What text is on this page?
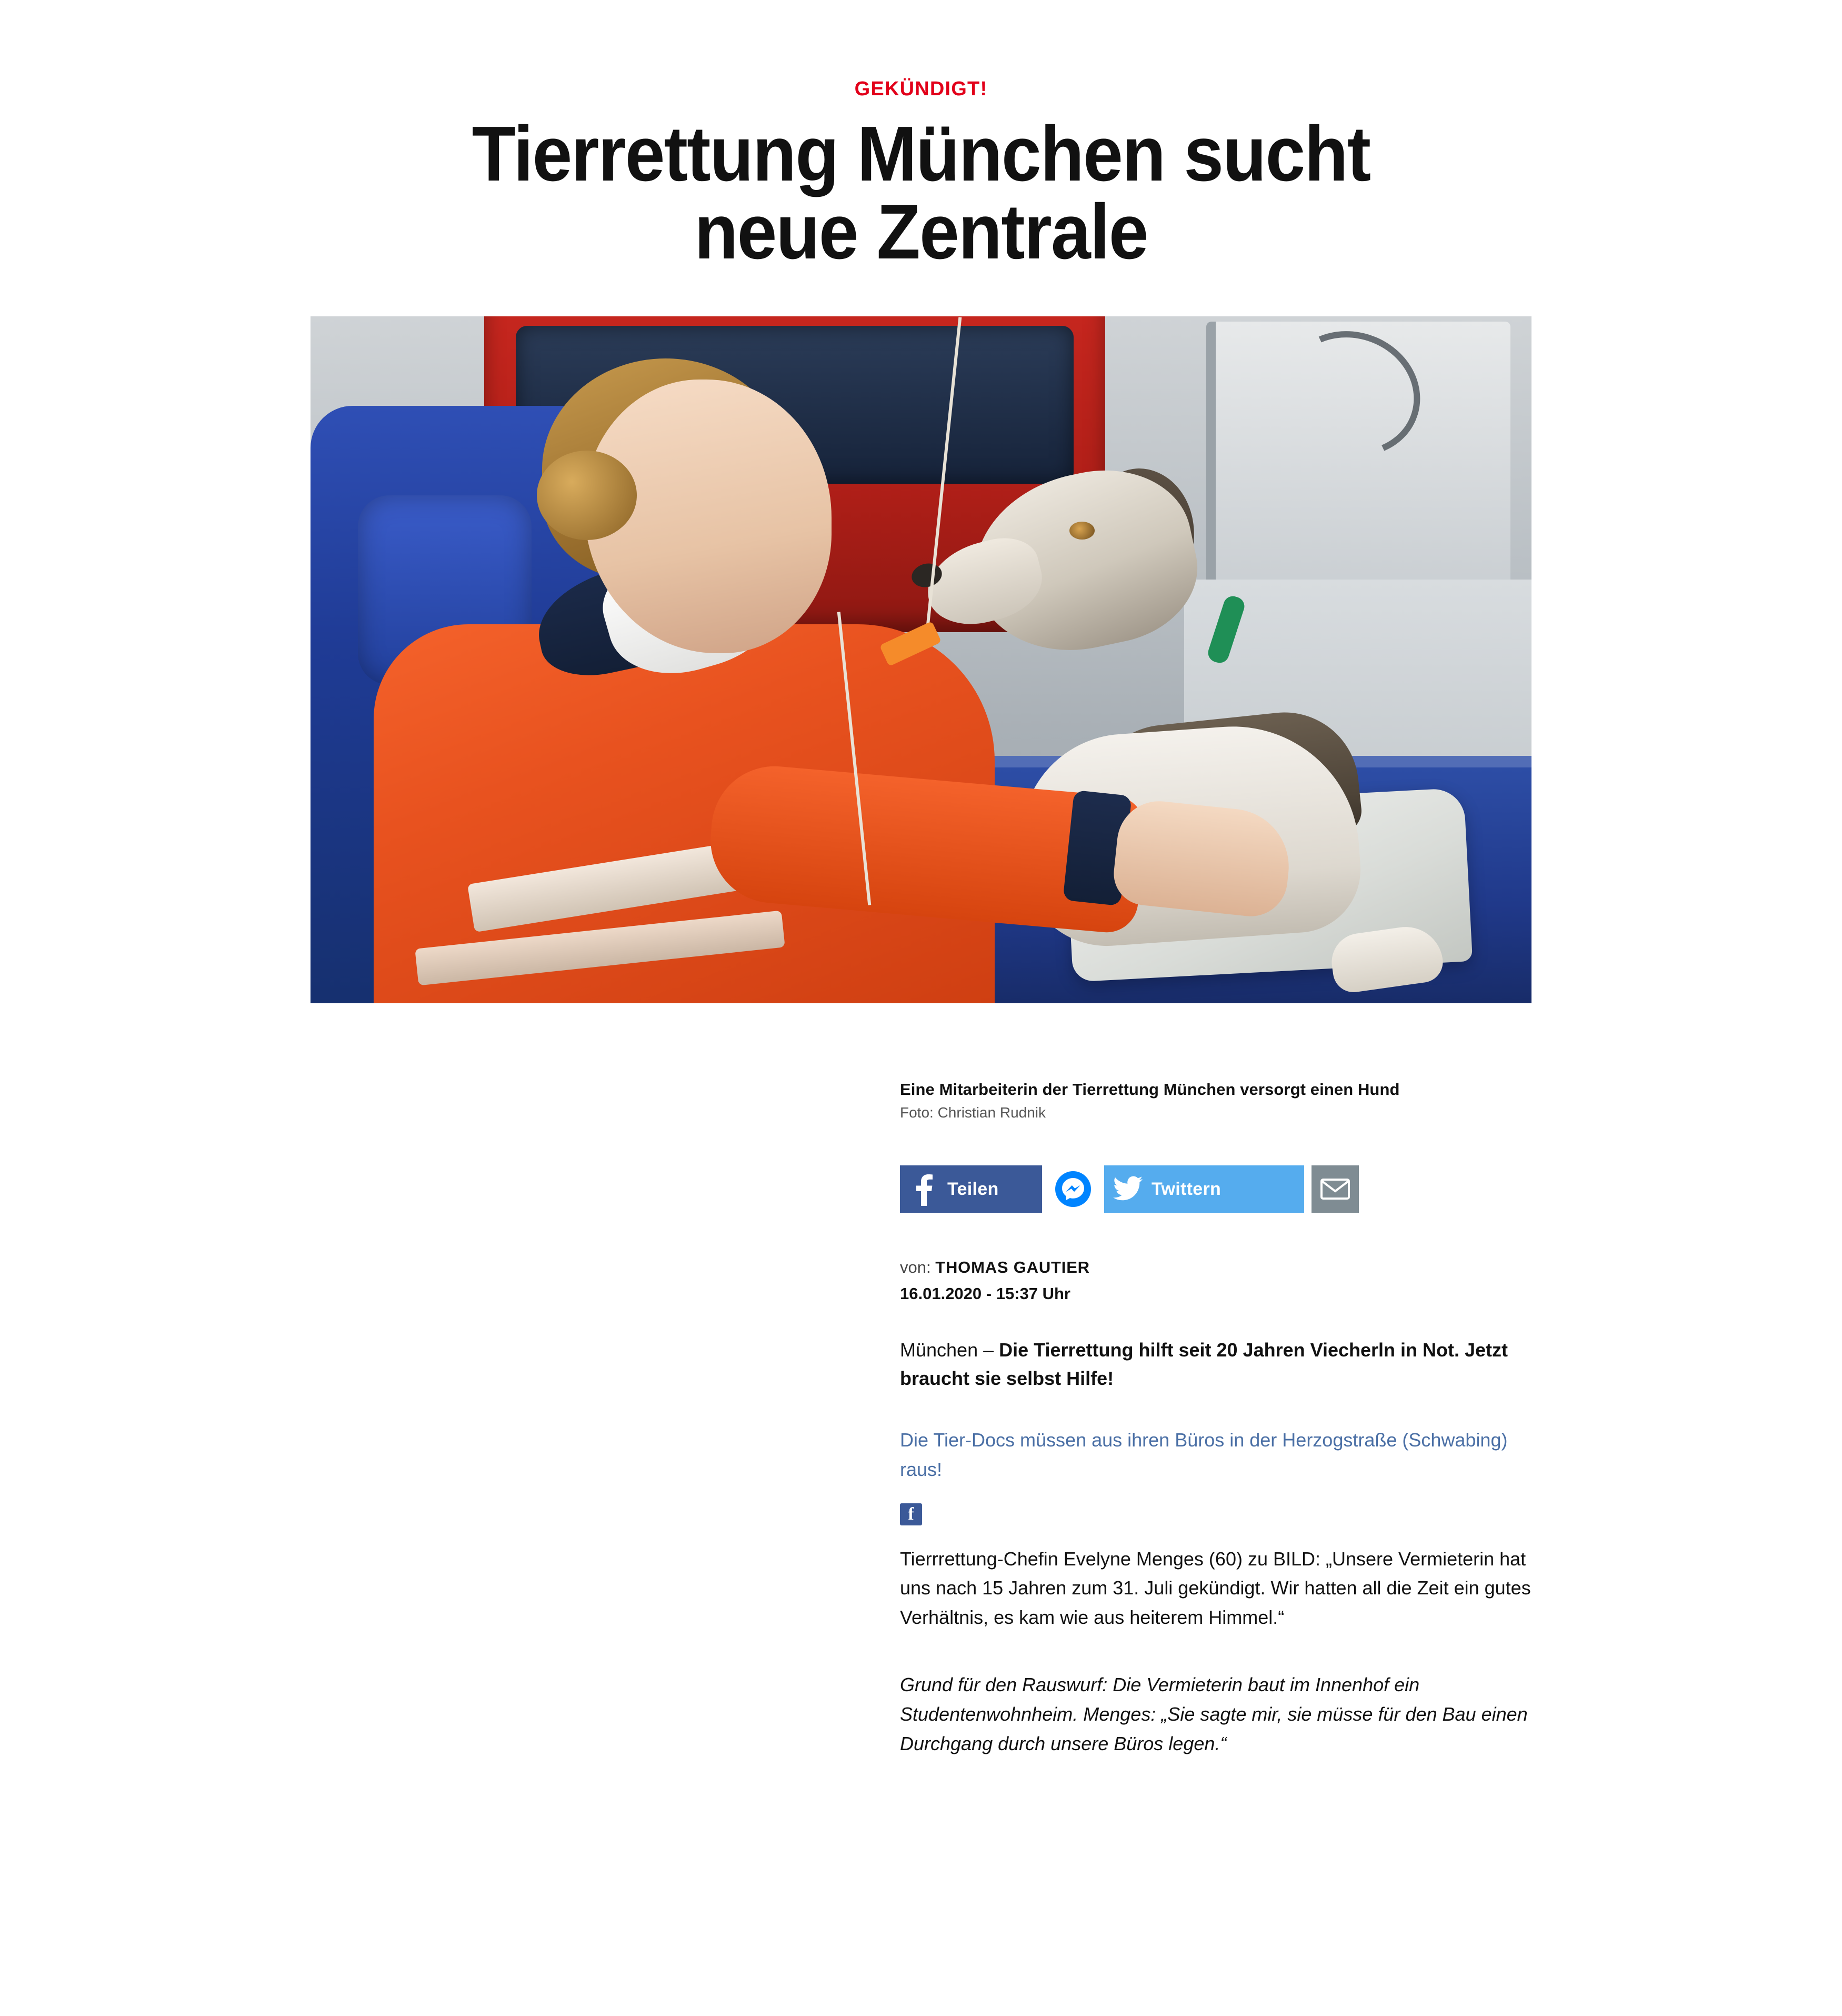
GEKÜNDIGT!
Tierrettung München sucht
neue Zentrale
Eine Mitarbeiterin der Tierrettung München versorgt einen Hund
Foto: Christian Rudnik
Teilen	Twittern
von: THOMAS GAUTIER
16.01.2020 - 15:37 Uhr

München – Die Tierrettung hilft seit 20 Jahren Viecherln in Not. Jetzt braucht sie selbst Hilfe!

Die Tier-Docs müssen aus ihren Büros in der Herzogstraße (Schwabing) raus!

f

Tierrrettung-Chefin Evelyne Menges (60) zu BILD: „Unsere Vermieterin hat uns nach 15 Jahren zum 31. Juli gekündigt. Wir hatten all die Zeit ein gutes Verhältnis, es kam wie aus heiterem Himmel.“

Grund für den Rauswurf: Die Vermieterin baut im Innenhof ein Studentenwohnheim. Menges: „Sie sagte mir, sie müsse für den Bau einen Durchgang durch unsere Büros legen.“
